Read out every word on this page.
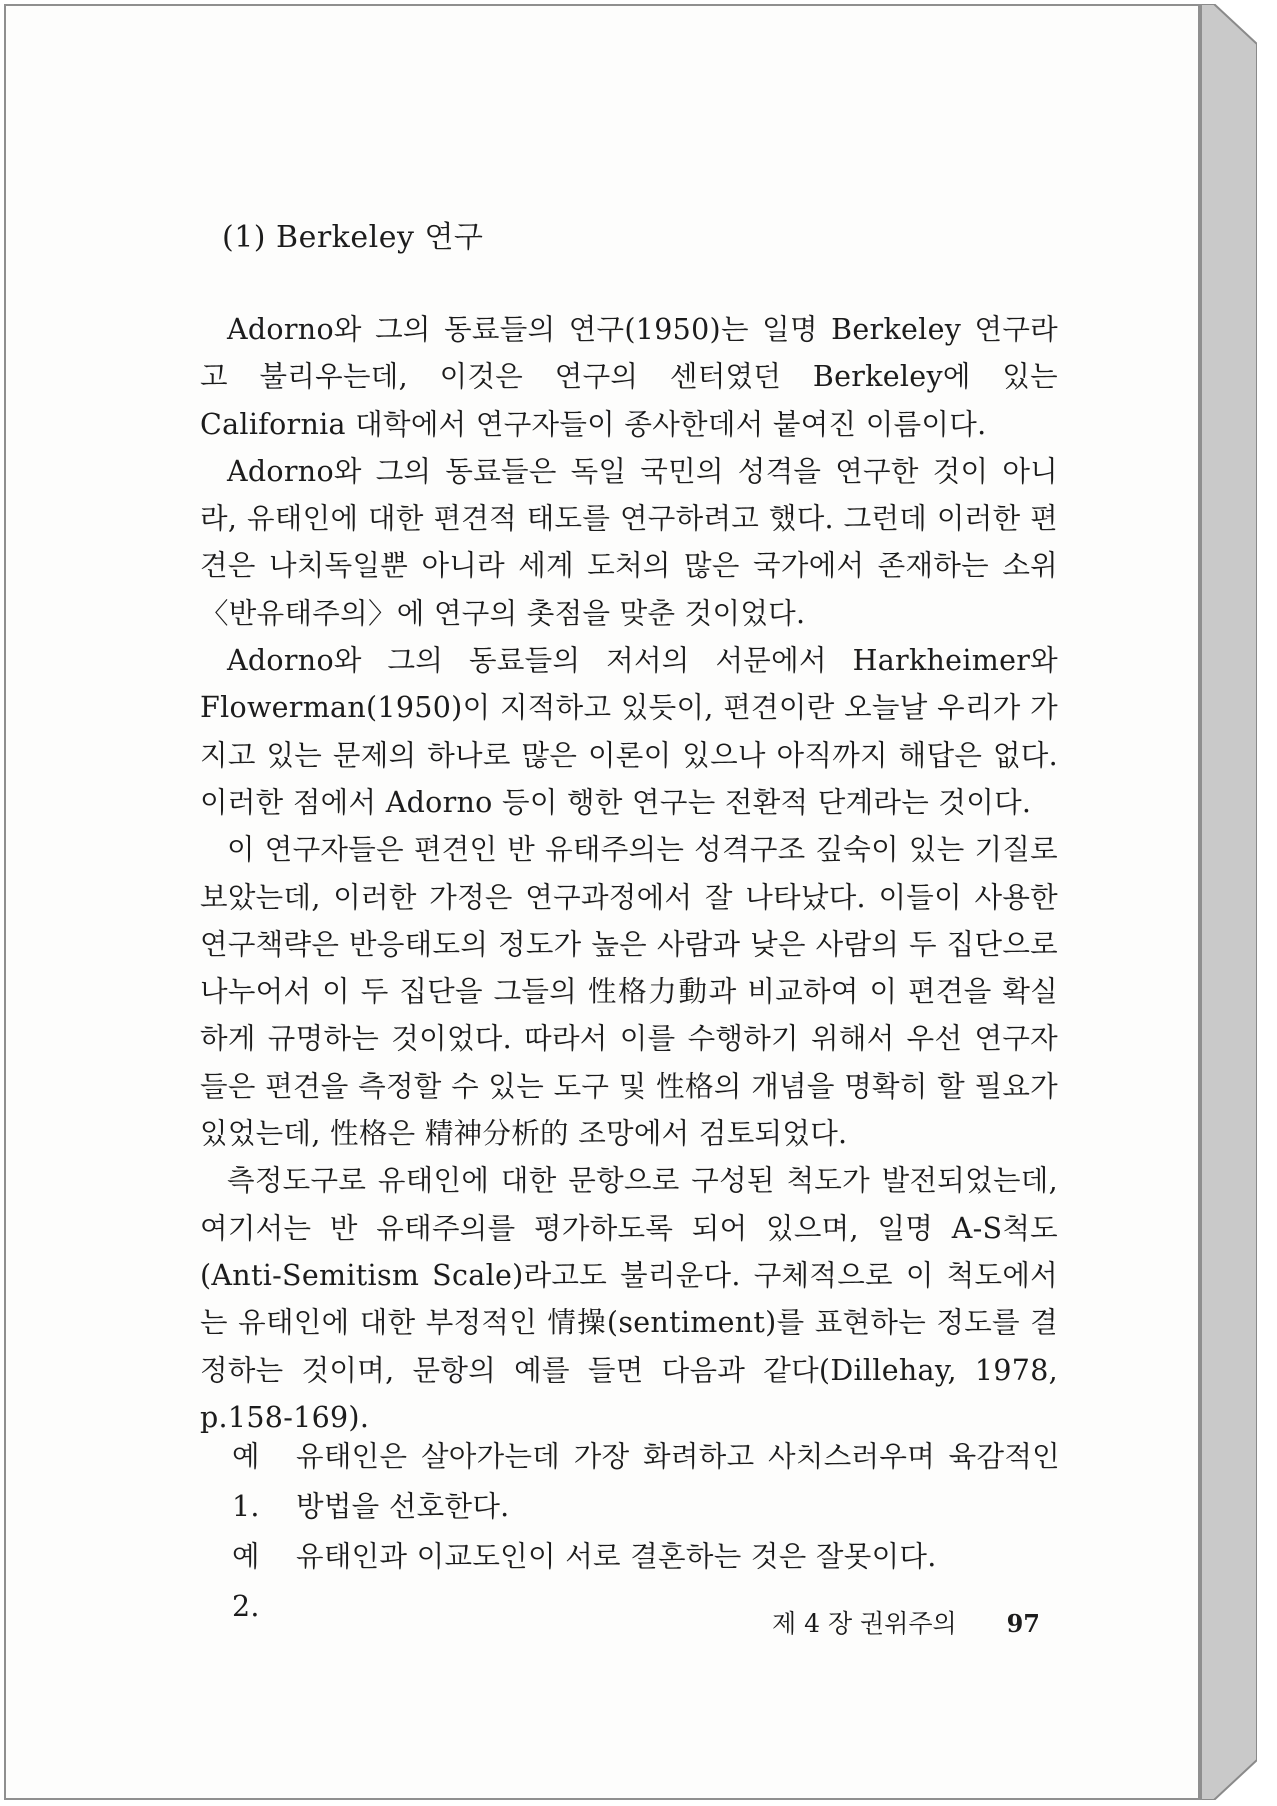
(1) Berkeley 연구

Adorno와 그의 동료들의 연구(1950)는 일명 Berkeley 연구라고 불리우는데, 이것은 연구의 센터였던 Berkeley에 있는 California 대학에서 연구자들이 종사한데서 붙여진 이름이다.

Adorno와 그의 동료들은 독일 국민의 성격을 연구한 것이 아니라, 유태인에 대한 편견적 태도를 연구하려고 했다. 그런데 이러한 편견은 나치독일뿐 아니라 세계 도처의 많은 국가에서 존재하는 소위 〈반유태주의〉에 연구의 촛점을 맞춘 것이었다.

Adorno와 그의 동료들의 저서의 서문에서 Harkheimer와 Flowerman(1950)이 지적하고 있듯이, 편견이란 오늘날 우리가 가지고 있는 문제의 하나로 많은 이론이 있으나 아직까지 해답은 없다. 이러한 점에서 Adorno 등이 행한 연구는 전환적 단계라는 것이다.

이 연구자들은 편견인 반 유태주의는 성격구조 깊숙이 있는 기질로 보았는데, 이러한 가정은 연구과정에서 잘 나타났다. 이들이 사용한 연구책략은 반응태도의 정도가 높은 사람과 낮은 사람의 두 집단으로 나누어서 이 두 집단을 그들의 性格力動과 비교하여 이 편견을 확실하게 규명하는 것이었다. 따라서 이를 수행하기 위해서 우선 연구자들은 편견을 측정할 수 있는 도구 및 性格의 개념을 명확히 할 필요가 있었는데, 性格은 精神分析的 조망에서 검토되었다.

측정도구로 유태인에 대한 문항으로 구성된 척도가 발전되었는데, 여기서는 반 유태주의를 평가하도록 되어 있으며, 일명 A-S척도(Anti-Semitism Scale)라고도 불리운다. 구체적으로 이 척도에서는 유태인에 대한 부정적인 情操(sentiment)를 표현하는 정도를 결정하는 것이며, 문항의 예를 들면 다음과 같다(Dillehay, 1978, p.158-169).

예 1.
유태인은 살아가는데 가장 화려하고 사치스러우며 육감적인 방법을 선호한다.
예 2.
유태인과 이교도인이 서로 결혼하는 것은 잘못이다.
제 4 장 권위주의 97
